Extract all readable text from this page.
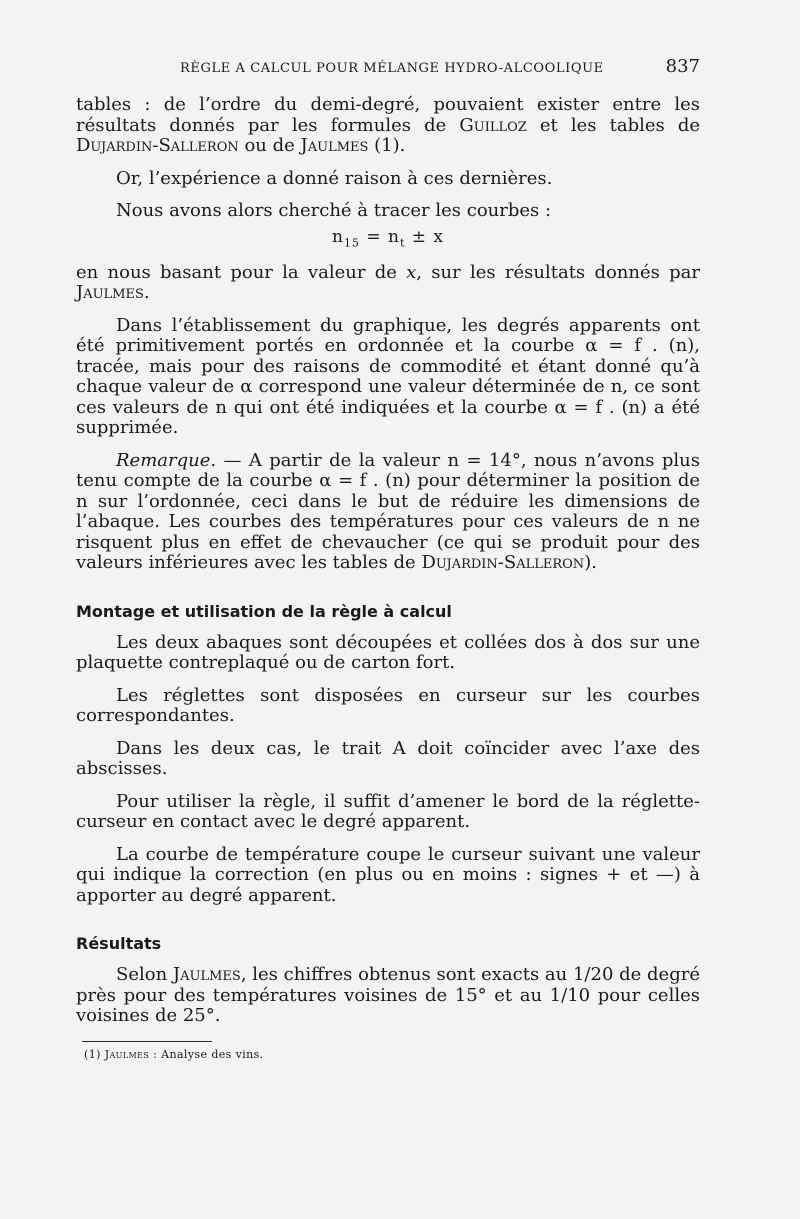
RÈGLE A CALCUL POUR MÉLANGE HYDRO-ALCOOLIQUE	837

tables : de l’ordre du demi-degré, pouvaient exister entre les résultats donnés par les formules de Guilloz et les tables de Dujardin-Salleron ou de Jaulmes (1).

Or, l’expérience a donné raison à ces dernières.

Nous avons alors cherché à tracer les courbes :

$n_{15} = n_t \pm x$

en nous basant pour la valeur de x, sur les résultats donnés par Jaulmes.

Dans l’établissement du graphique, les degrés apparents ont été primitivement portés en ordonnée et la courbe α = f . (n), tracée, mais pour des raisons de commodité et étant donné qu’à chaque valeur de α correspond une valeur déterminée de n, ce sont ces valeurs de n qui ont été indiquées et la courbe α = f . (n) a été supprimée.

Remarque. — A partir de la valeur n = 14°, nous n’avons plus tenu compte de la courbe α = f . (n) pour déterminer la position de n sur l’ordonnée, ceci dans le but de réduire les dimensions de l’abaque. Les courbes des températures pour ces valeurs de n ne risquent plus en effet de chevaucher (ce qui se produit pour des valeurs inférieures avec les tables de Dujardin-Salleron).

Montage et utilisation de la règle à calcul

Les deux abaques sont découpées et collées dos à dos sur une plaquette contreplaqué ou de carton fort.

Les réglettes sont disposées en curseur sur les courbes correspondantes.

Dans les deux cas, le trait A doit coïncider avec l’axe des abscisses.

Pour utiliser la règle, il suffit d’amener le bord de la réglette-curseur en contact avec le degré apparent.

La courbe de température coupe le curseur suivant une valeur qui indique la correction (en plus ou en moins : signes + et —) à apporter au degré apparent.

Résultats

Selon Jaulmes, les chiffres obtenus sont exacts au 1/20 de degré près pour des températures voisines de 15° et au 1/10 pour celles voisines de 25°.

(1) Jaulmes : Analyse des vins.
